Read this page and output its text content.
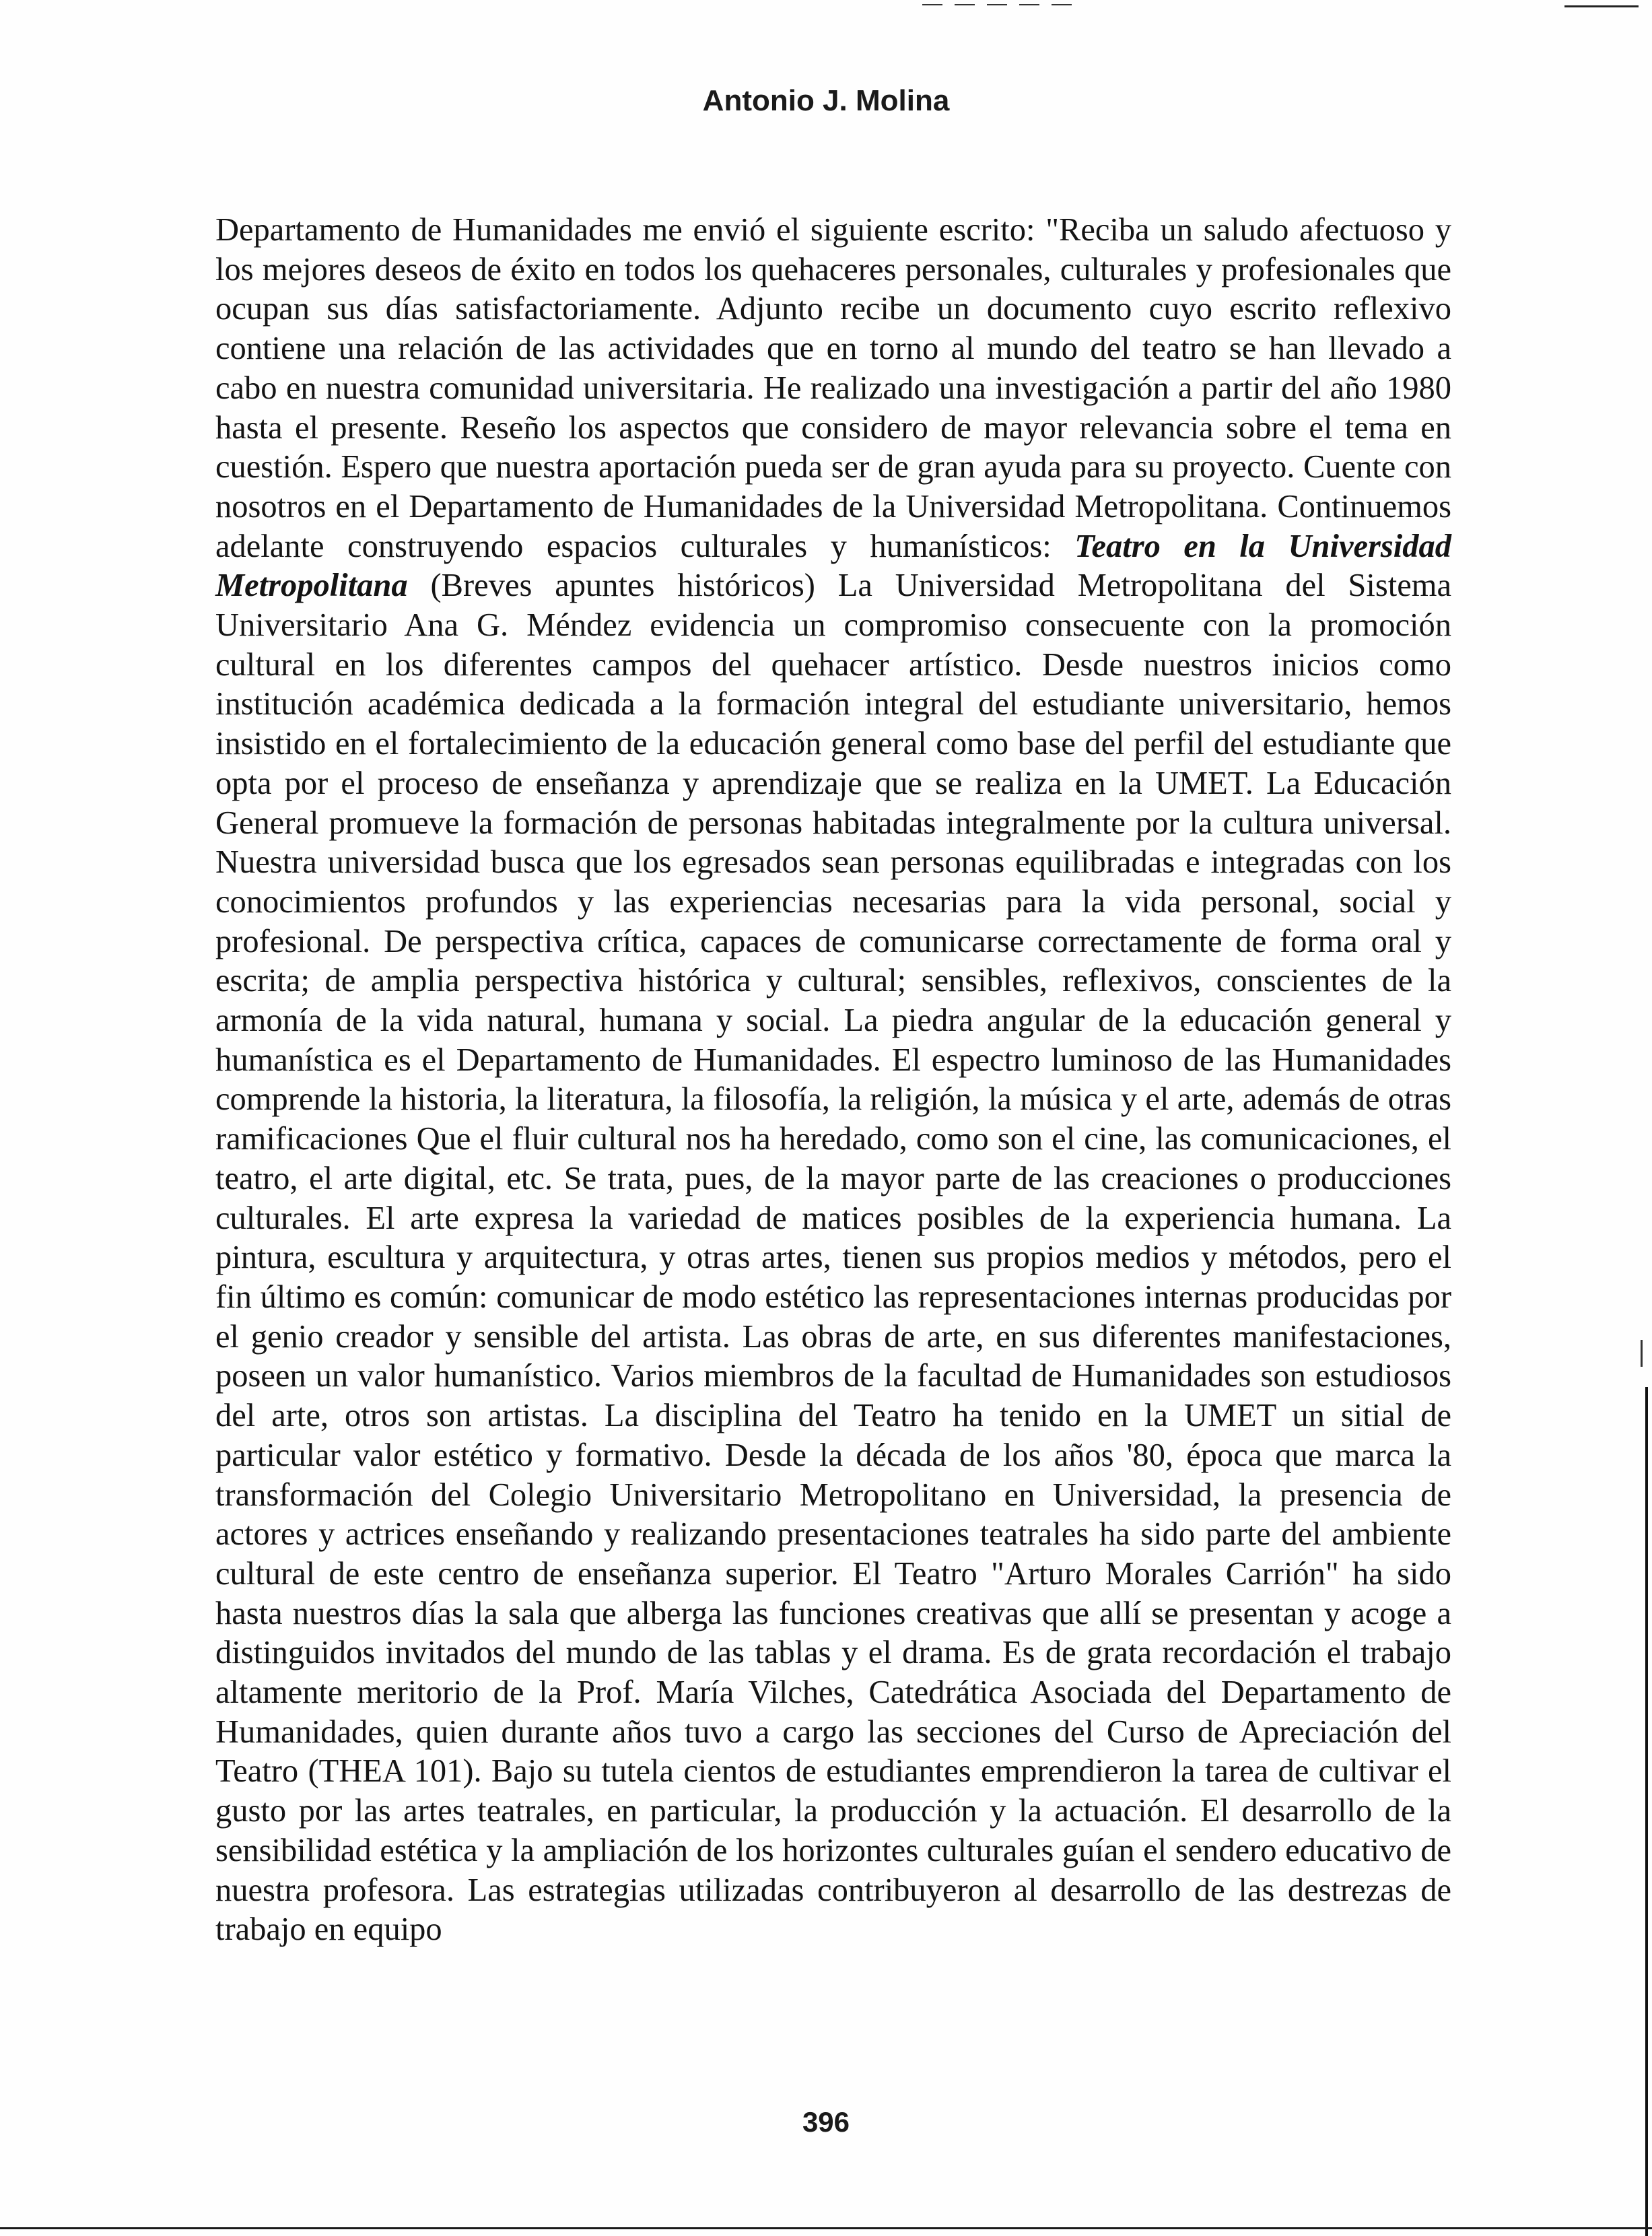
Antonio J. Molina
Departamento de Humanidades me envió el siguiente escrito: "Reciba un saludo afectuoso y los mejores deseos de éxito en todos los quehaceres personales, culturales y profesionales que ocupan sus días satisfactoriamente. Adjunto recibe un documento cuyo escrito reflexivo contiene una relación de las actividades que en torno al mundo del teatro se han llevado a cabo en nuestra comunidad universitaria. He realizado una investigación a partir del año 1980 hasta el presente. Reseño los aspectos que considero de mayor relevancia sobre el tema en cuestión. Espero que nuestra aportación pueda ser de gran ayuda para su proyecto. Cuente con nosotros en el Departamento de Humanidades de la Universidad Metropolitana. Continuemos adelante construyendo espacios culturales y humanísticos: Teatro en la Universidad Metropolitana (Breves apuntes históricos) La Universidad Metropolitana del Sistema Universitario Ana G. Méndez evidencia un compromiso consecuente con la promoción cultural en los diferentes campos del quehacer artístico. Desde nuestros inicios como institución académica dedicada a la formación integral del estudiante universitario, hemos insistido en el fortalecimiento de la educación general como base del perfil del estudiante que opta por el proceso de enseñanza y aprendizaje que se realiza en la UMET. La Educación General promueve la formación de personas habitadas integralmente por la cultura universal. Nuestra universidad busca que los egresados sean personas equilibradas e integradas con los conocimientos profundos y las experiencias necesarias para la vida personal, social y profesional. De perspectiva crítica, capaces de comunicarse correctamente de forma oral y escrita; de amplia perspectiva histórica y cultural; sensibles, reflexivos, conscientes de la armonía de la vida natural, humana y social. La piedra angular de la educación general y humanística es el Departamento de Humanidades. El espectro luminoso de las Humanidades comprende la historia, la literatura, la filosofía, la religión, la música y el arte, además de otras ramificaciones Que el fluir cultural nos ha heredado, como son el cine, las comunicaciones, el teatro, el arte digital, etc. Se trata, pues, de la mayor parte de las creaciones o producciones culturales. El arte expresa la variedad de matices posibles de la experiencia humana. La pintura, escultura y arquitectura, y otras artes, tienen sus propios medios y métodos, pero el fin último es común: comunicar de modo estético las representaciones internas producidas por el genio creador y sensible del artista. Las obras de arte, en sus diferentes manifestaciones, poseen un valor humanístico. Varios miembros de la facultad de Humanidades son estudiosos del arte, otros son artistas. La disciplina del Teatro ha tenido en la UMET un sitial de particular valor estético y formativo. Desde la década de los años '80, época que marca la transformación del Colegio Universitario Metropolitano en Universidad, la presencia de actores y actrices enseñando y realizando presentaciones teatrales ha sido parte del ambiente cultural de este centro de enseñanza superior. El Teatro "Arturo Morales Carrión" ha sido hasta nuestros días la sala que alberga las funciones creativas que allí se presentan y acoge a distinguidos invitados del mundo de las tablas y el drama. Es de grata recordación el trabajo altamente meritorio de la Prof. María Vilches, Catedrática Asociada del Departamento de Humanidades, quien durante años tuvo a cargo las secciones del Curso de Apreciación del Teatro (THEA 101). Bajo su tutela cientos de estudiantes emprendieron la tarea de cultivar el gusto por las artes teatrales, en particular, la producción y la actuación. El desarrollo de la sensibilidad estética y la ampliación de los horizontes culturales guían el sendero educativo de nuestra profesora. Las estrategias utilizadas contribuyeron al desarrollo de las destrezas de trabajo en equipo
396
